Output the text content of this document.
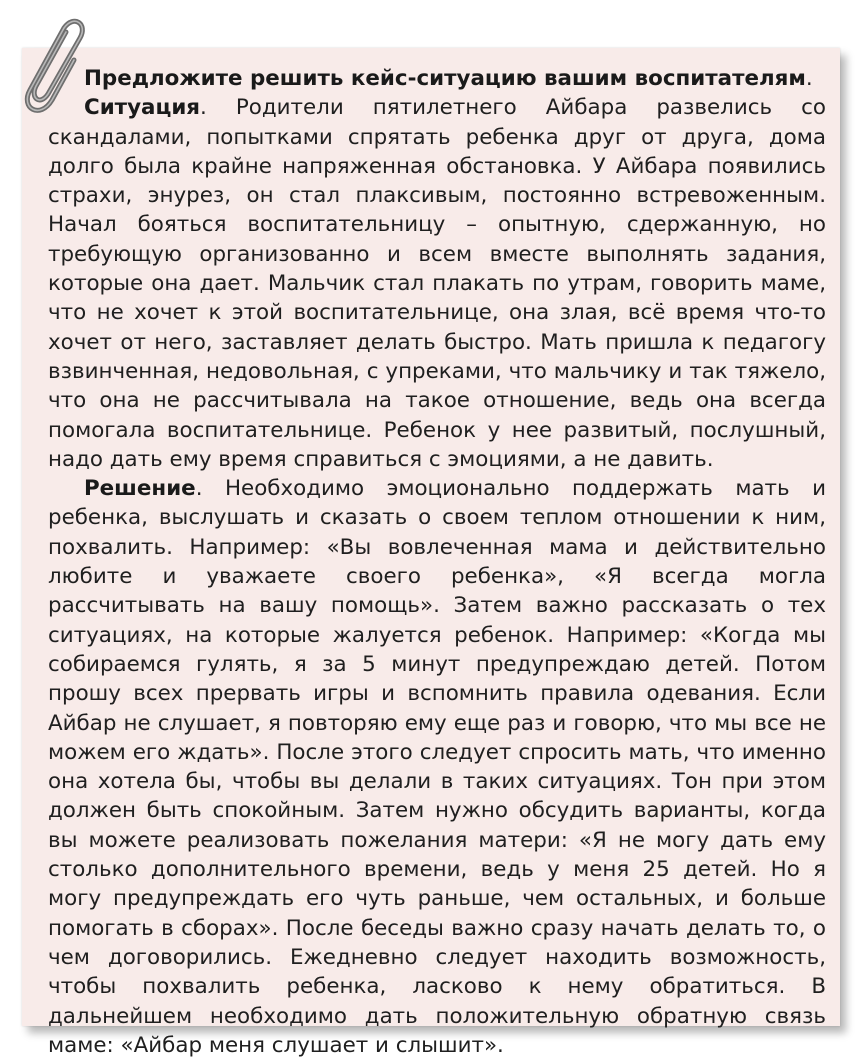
Предложите решить кейс-ситуацию вашим воспитателям.

Ситуация. Родители пятилетнего Айбара развелись со скандалами, попытками спрятать ребенка друг от друга, дома долго была крайне напряженная обстановка. У Айбара появились страхи, энурез, он стал плаксивым, постоянно встревоженным. Начал бояться воспитательницу – опытную, сдержанную, но требующую организованно и всем вместе выполнять задания, которые она дает. Мальчик стал плакать по утрам, говорить маме, что не хочет к этой воспитательнице, она злая, всё время что-то хочет от него, заставляет делать быстро. Мать пришла к педагогу взвинченная, недовольная, с упреками, что мальчику и так тяжело, что она не рассчитывала на такое отношение, ведь она всегда помогала воспитательнице. Ребенок у нее развитый, послушный, надо дать ему время справиться с эмоциями, а не давить.

Решение. Необходимо эмоционально поддержать мать и ребенка, выслушать и сказать о своем теплом отношении к ним, похвалить. Например: «Вы вовлеченная мама и действительно любите и уважаете своего ребенка», «Я всегда могла рассчитывать на вашу помощь». Затем важно рассказать о тех ситуациях, на которые жалуется ребенок. Например: «Когда мы собираемся гулять, я за 5 минут предупреждаю детей. Потом прошу всех прервать игры и вспомнить правила одевания. Если Айбар не слушает, я повторяю ему еще раз и говорю, что мы все не можем его ждать». После этого следует спросить мать, что именно она хотела бы, чтобы вы делали в таких ситуациях. Тон при этом должен быть спокойным. Затем нужно обсудить варианты, когда вы можете реализовать пожелания матери: «Я не могу дать ему столько дополнительного времени, ведь у меня 25 детей. Но я могу предупреждать его чуть раньше, чем остальных, и больше помогать в сборах». После беседы важно сразу начать делать то, о чем договорились. Ежедневно следует находить возможность, чтобы похвалить ребенка, ласково к нему обратиться. В дальнейшем необходимо дать положительную обратную связь маме: «Айбар меня слушает и слышит».
